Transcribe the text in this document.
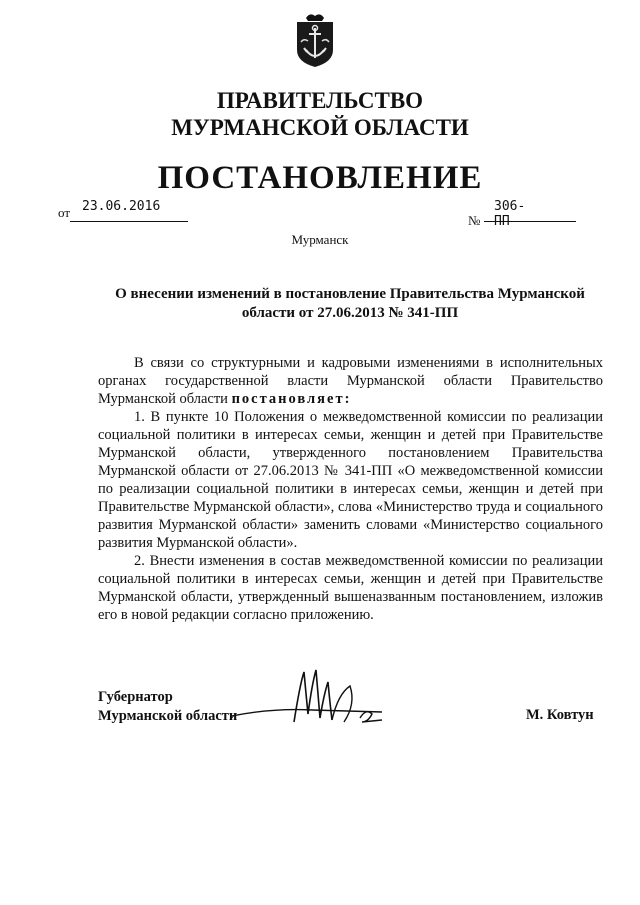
ПРАВИТЕЛЬСТВО
МУРМАНСКОЙ ОБЛАСТИ
ПОСТАНОВЛЕНИЕ
от 23.06.2016
№
306-ПП
Мурманск
О внесении изменений в постановление Правительства Мурманской области от 27.06.2013 № 341-ПП

В связи со структурными и кадровыми изменениями в исполнительных органах государственной власти Мурманской области Правительство Мурманской области постановляет:

1. В пункте 10 Положения о межведомственной комиссии по реализации социальной политики в интересах семьи, женщин и детей при Правительстве Мурманской области, утвержденного постановлением Правительства Мурманской области от 27.06.2013 № 341-ПП «О межведомственной комиссии по реализации социальной политики в интересах семьи, женщин и детей при Правительстве Мурманской области», слова «Министерство труда и социального развития Мурманской области» заменить словами «Министерство социального развития Мурманской области».

2. Внести изменения в состав межведомственной комиссии по реализации социальной политики в интересах семьи, женщин и детей при Правительстве Мурманской области, утвержденный вышеназванным постановлением, изложив его в новой редакции согласно приложению.

Губернатор
Мурманской области	М. Ковтун
